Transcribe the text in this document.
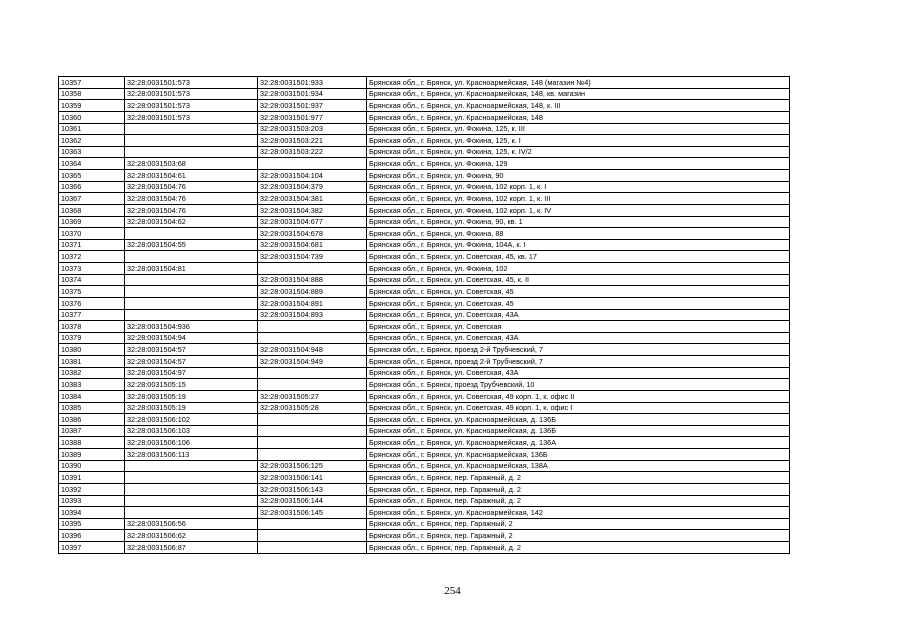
10357	32:28:0031501:573	32:28:0031501:933	Брянская обл., г. Брянск, ул. Красноармейская, 148 (магазин №4)
10358	32:28:0031501:573	32:28:0031501:934	Брянская обл., г. Брянск, ул. Красноармейская, 148, кв. магазин
10359	32:28:0031501:573	32:28:0031501:937	Брянская обл., г. Брянск, ул. Красноармейская, 148, к. III
10360	32:28:0031501:573	32:28:0031501:977	Брянская обл., г. Брянск, ул. Красноармейская, 148
10361		32:28:0031503:203	Брянская обл., г. Брянск, ул. Фокина, 125, к. III
10362		32:28:0031503:221	Брянская обл., г. Брянск, ул. Фокина, 125, к. I
10363		32:28:0031503:222	Брянская обл., г. Брянск, ул. Фокина, 125, к. IV/2
10364	32:28:0031503:68		Брянская обл., г. Брянск, ул. Фокина, 129
10365	32:28:0031504:61	32:28:0031504:104	Брянская обл., г. Брянск, ул. Фокина, 90
10366	32:28:0031504:76	32:28:0031504:379	Брянская обл., г. Брянск, ул. Фокина, 102 корп. 1, к. I
10367	32:28:0031504:76	32:28:0031504:381	Брянская обл., г. Брянск, ул. Фокина, 102 корп. 1, к. III
10368	32:28:0031504:76	32:28:0031504:382	Брянская обл., г. Брянск, ул. Фокина, 102 корп. 1, к. IV
10369	32:28:0031504:62	32:28:0031504:677	Брянская обл., г. Брянск, ул. Фокина, 90, кв. 1
10370		32:28:0031504:678	Брянская обл., г. Брянск, ул. Фокина, 88
10371	32:28:0031504:55	32:28:0031504:681	Брянская обл., г. Брянск, ул. Фокина, 104А, к. I
10372		32:28:0031504:739	Брянская обл., г. Брянск, ул. Советская, 45, кв. 17
10373	32:28:0031504:81		Брянская обл., г. Брянск, ул. Фокина, 102
10374		32:28:0031504:888	Брянская обл., г. Брянск, ул. Советская, 45, к. II
10375		32:28:0031504:889	Брянская обл., г. Брянск, ул. Советская, 45
10376		32:28:0031504:891	Брянская обл., г. Брянск, ул. Советская, 45
10377		32:28:0031504:893	Брянская обл., г. Брянск, ул. Советская, 43А
10378	32:28:0031504:936		Брянская обл., г. Брянск, ул. Советская
10379	32:28:0031504:94		Брянская обл., г. Брянск, ул. Советская, 43А
10380	32:28:0031504:57	32:28:0031504:948	Брянская обл., г. Брянск, проезд 2-й Трубчевский, 7
10381	32:28:0031504:57	32:28:0031504:949	Брянская обл., г. Брянск, проезд 2-й Трубчевский, 7
10382	32:28:0031504:97		Брянская обл., г. Брянск, ул. Советская, 43А
10383	32:28:0031505:15		Брянская обл., г. Брянск, проезд Трубчевский, 10
10384	32:28:0031505:19	32:28:0031505:27	Брянская обл., г. Брянск, ул. Советская, 49 корп. 1, к. офис II
10385	32:28:0031505:19	32:28:0031505:28	Брянская обл., г. Брянск, ул. Советская, 49 корп. 1, к. офис I
10386	32:28:0031506:102		Брянская обл., г. Брянск, ул. Красноармейская, д. 136Б
10387	32:28:0031506:103		Брянская обл., г. Брянск, ул. Красноармейская, д. 136Б
10388	32:28:0031506:106		Брянская обл., г. Брянск, ул. Красноармейская, д. 136А
10389	32:28:0031506:113		Брянская обл., г. Брянск, ул. Красноармейская, 136Б
10390		32:28:0031506:125	Брянская обл., г. Брянск, ул. Красноармейская, 138А
10391		32:28:0031506:141	Брянская обл., г. Брянск, пер. Гаражный, д. 2
10392		32:28:0031506:143	Брянская обл., г. Брянск, пер. Гаражный, д. 2
10393		32:28:0031506:144	Брянская обл., г. Брянск, пер. Гаражный, д. 2
10394		32:28:0031506:145	Брянская обл., г. Брянск, ул. Красноармейская, 142
10395	32:28:0031506:56		Брянская обл., г. Брянск, пер. Гаражный, 2
10396	32:28:0031506:62		Брянская обл., г. Брянск, пер. Гаражный, 2
10397	32:28:0031506:87		Брянская обл., г. Брянск, пер. Гаражный, д. 2
254
